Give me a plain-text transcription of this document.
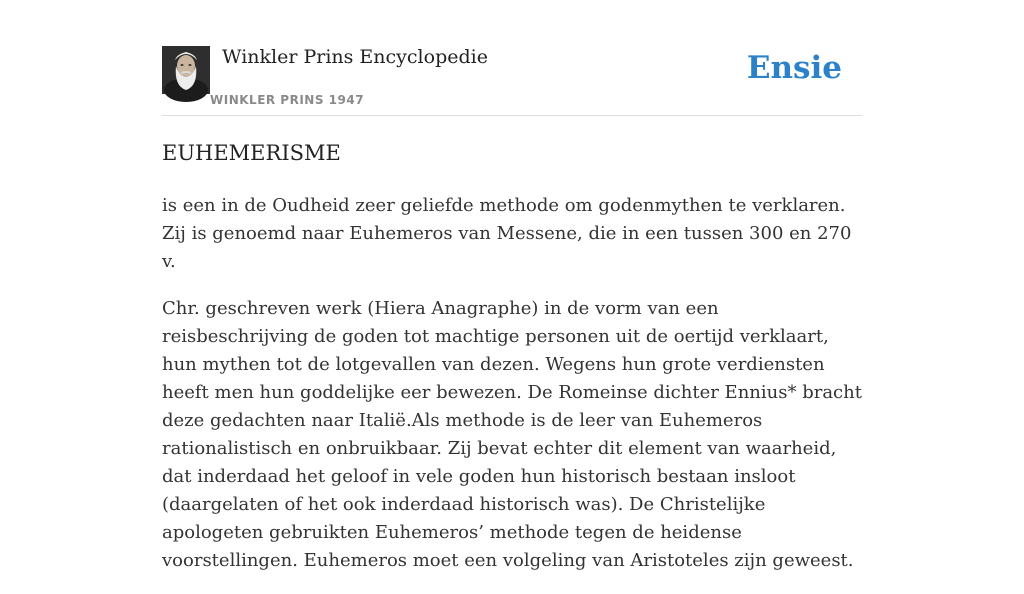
Winkler Prins Encyclopedie
WINKLER PRINS 1947
Ensie
EUHEMERISME

is een in de Oudheid zeer geliefde methode om godenmythen te verklaren. Zij is genoemd naar Euhemeros van Messene, die in een tussen 300 en 270 v.

Chr. geschreven werk (Hiera Anagraphe) in de vorm van een reisbeschrijving de goden tot machtige personen uit de oertijd verklaart, hun mythen tot de lotgevallen van dezen. Wegens hun grote verdiensten heeft men hun goddelijke eer bewezen. De Romeinse dichter Ennius* bracht deze gedachten naar Italië.Als methode is de leer van Euhemeros rationalistisch en onbruikbaar. Zij bevat echter dit element van waarheid, dat inderdaad het geloof in vele goden hun historisch bestaan insloot (daargelaten of het ook inderdaad historisch was). De Christelijke apologeten gebruikten Euhemeros’ methode tegen de heidense voorstellingen. Euhemeros moet een volgeling van Aristoteles zijn geweest.
